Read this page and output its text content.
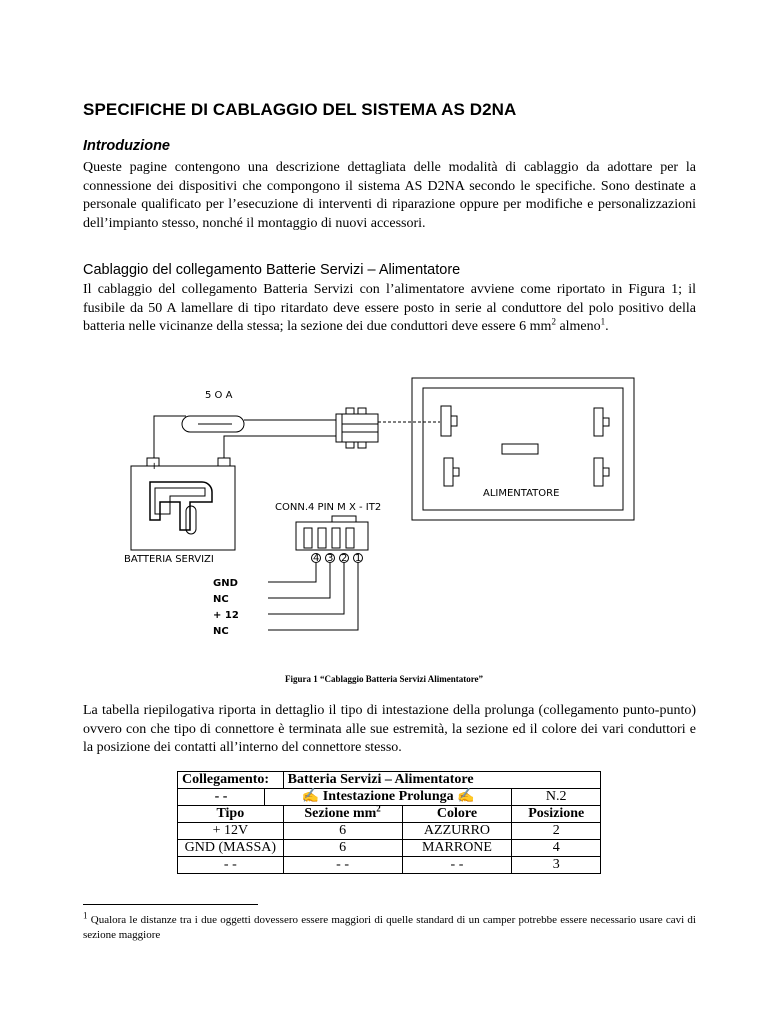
SPECIFICHE DI CABLAGGIO DEL SISTEMA AS D2NA
Introduzione
Queste pagine contengono una descrizione dettagliata delle modalità di cablaggio da adottare per la connessione dei dispositivi che compongono il sistema AS D2NA secondo le specifiche. Sono destinate a personale qualificato per l’esecuzione di interventi di riparazione oppure per modifiche e personalizzazioni dell’impianto stesso, nonché il montaggio di nuovi accessori.
Cablaggio del collegamento Batterie Servizi – Alimentatore
Il cablaggio del collegamento Batteria Servizi con l’alimentatore avviene come riportato in Figura 1; il fusibile da 50 A lamellare di tipo ritardato deve essere posto in serie al conduttore del polo positivo della batteria nelle vicinanze della stessa; la sezione dei due conduttori deve essere 6 $mm^2$ almeno$^1$.
5 O A
+	-
CONN.4 PIN M X - IT2
ALIMENTATORE
BATTERIA SERVIZI	4 3 2 1
GND
NC
+ 12
NC
Figura 1 “Cablaggio Batteria Servizi Alimentatore”
La tabella riepilogativa riporta in dettaglio il tipo di intestazione della prolunga (collegamento punto-punto) ovvero con che tipo di connettore è terminata alle sue estremità, la sezione ed il colore dei vari conduttori e la posizione dei contatti all’interno del connettore stesso.
Collegamento:		Batteria Servizi – Alimentatore		
- -	✍ Intestazione Prolunga ✍			N.2
Tipo		Sezione $mm^2$	Colore	Posizione
+ 12V		6	AZZURRO	2
GND (MASSA)		6	MARRONE	4
- -		- -	- -	3
$^1$ Qualora le distanze tra i due oggetti dovessero essere maggiori di quelle standard di un camper potrebbe essere necessario usare cavi di sezione maggiore
